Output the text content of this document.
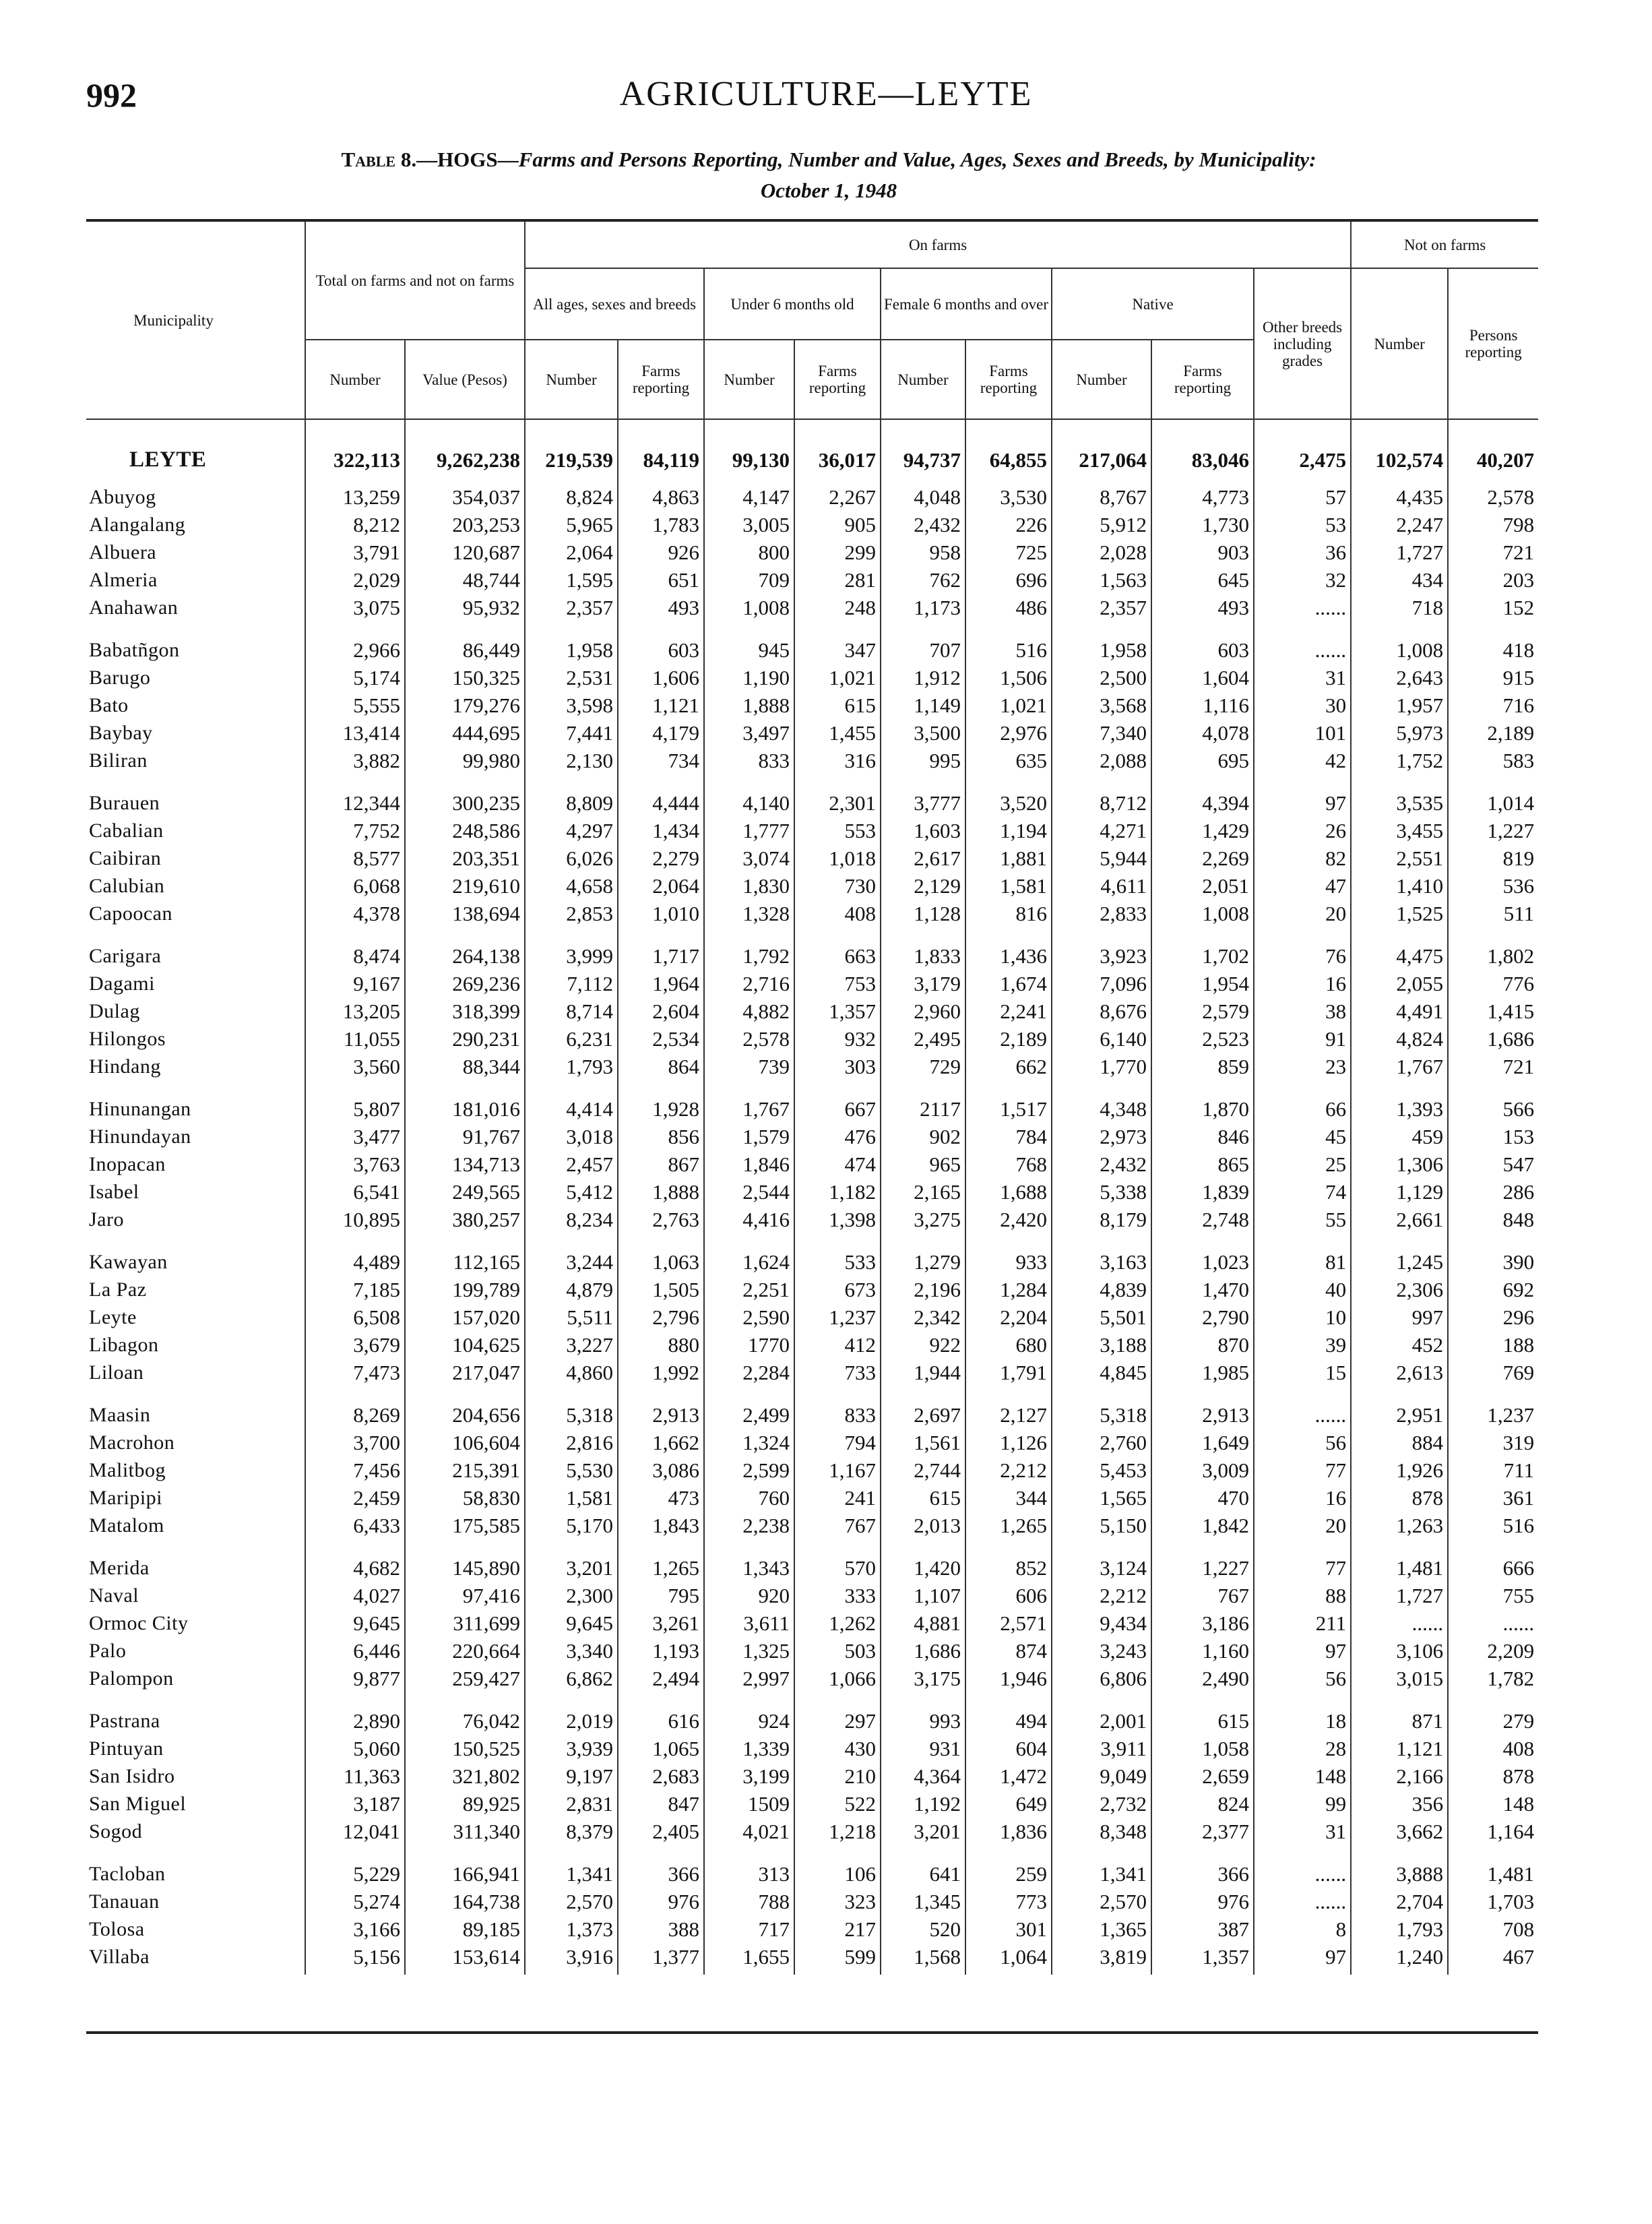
992	AGRICULTURE—LEYTE
Table 8.—HOGS—Farms and Persons Reporting, Number and Value, Ages, Sexes and Breeds, by Municipality:
October 1, 1948
Municipality	Total on farms and not on farms		On farms									Not on farms	
			All ages, sexes and breeds		Under 6 months old		Female 6 months and over		Native		Other breeds including grades	Number	Persons reporting
	Number	Value (Pesos)	Number	Farms reporting	Number	Farms reporting	Number	Farms reporting	Number	Farms reporting			

LEYTE	322,113	9,262,238	219,539	84,119	99,130	36,017	94,737	64,855	217,064	83,046	2,475	102,574	40,207
Abuyog	13,259	354,037	8,824	4,863	4,147	2,267	4,048	3,530	8,767	4,773	57	4,435	2,578
Alangalang	8,212	203,253	5,965	1,783	3,005	905	2,432	226	5,912	1,730	53	2,247	798
Albuera	3,791	120,687	2,064	926	800	299	958	725	2,028	903	36	1,727	721
Almeria	2,029	48,744	1,595	651	709	281	762	696	1,563	645	32	434	203
Anahawan	3,075	95,932	2,357	493	1,008	248	1,173	486	2,357	493	......	718	152

Babatñgon	2,966	86,449	1,958	603	945	347	707	516	1,958	603	......	1,008	418
Barugo	5,174	150,325	2,531	1,606	1,190	1,021	1,912	1,506	2,500	1,604	31	2,643	915
Bato	5,555	179,276	3,598	1,121	1,888	615	1,149	1,021	3,568	1,116	30	1,957	716
Baybay	13,414	444,695	7,441	4,179	3,497	1,455	3,500	2,976	7,340	4,078	101	5,973	2,189
Biliran	3,882	99,980	2,130	734	833	316	995	635	2,088	695	42	1,752	583

Burauen	12,344	300,235	8,809	4,444	4,140	2,301	3,777	3,520	8,712	4,394	97	3,535	1,014
Cabalian	7,752	248,586	4,297	1,434	1,777	553	1,603	1,194	4,271	1,429	26	3,455	1,227
Caibiran	8,577	203,351	6,026	2,279	3,074	1,018	2,617	1,881	5,944	2,269	82	2,551	819
Calubian	6,068	219,610	4,658	2,064	1,830	730	2,129	1,581	4,611	2,051	47	1,410	536
Capoocan	4,378	138,694	2,853	1,010	1,328	408	1,128	816	2,833	1,008	20	1,525	511

Carigara	8,474	264,138	3,999	1,717	1,792	663	1,833	1,436	3,923	1,702	76	4,475	1,802
Dagami	9,167	269,236	7,112	1,964	2,716	753	3,179	1,674	7,096	1,954	16	2,055	776
Dulag	13,205	318,399	8,714	2,604	4,882	1,357	2,960	2,241	8,676	2,579	38	4,491	1,415
Hilongos	11,055	290,231	6,231	2,534	2,578	932	2,495	2,189	6,140	2,523	91	4,824	1,686
Hindang	3,560	88,344	1,793	864	739	303	729	662	1,770	859	23	1,767	721

Hinunangan	5,807	181,016	4,414	1,928	1,767	667	2117	1,517	4,348	1,870	66	1,393	566
Hinundayan	3,477	91,767	3,018	856	1,579	476	902	784	2,973	846	45	459	153
Inopacan	3,763	134,713	2,457	867	1,846	474	965	768	2,432	865	25	1,306	547
Isabel	6,541	249,565	5,412	1,888	2,544	1,182	2,165	1,688	5,338	1,839	74	1,129	286
Jaro	10,895	380,257	8,234	2,763	4,416	1,398	3,275	2,420	8,179	2,748	55	2,661	848

Kawayan	4,489	112,165	3,244	1,063	1,624	533	1,279	933	3,163	1,023	81	1,245	390
La Paz	7,185	199,789	4,879	1,505	2,251	673	2,196	1,284	4,839	1,470	40	2,306	692
Leyte	6,508	157,020	5,511	2,796	2,590	1,237	2,342	2,204	5,501	2,790	10	997	296
Libagon	3,679	104,625	3,227	880	1770	412	922	680	3,188	870	39	452	188
Liloan	7,473	217,047	4,860	1,992	2,284	733	1,944	1,791	4,845	1,985	15	2,613	769

Maasin	8,269	204,656	5,318	2,913	2,499	833	2,697	2,127	5,318	2,913	......	2,951	1,237
Macrohon	3,700	106,604	2,816	1,662	1,324	794	1,561	1,126	2,760	1,649	56	884	319
Malitbog	7,456	215,391	5,530	3,086	2,599	1,167	2,744	2,212	5,453	3,009	77	1,926	711
Maripipi	2,459	58,830	1,581	473	760	241	615	344	1,565	470	16	878	361
Matalom	6,433	175,585	5,170	1,843	2,238	767	2,013	1,265	5,150	1,842	20	1,263	516

Merida	4,682	145,890	3,201	1,265	1,343	570	1,420	852	3,124	1,227	77	1,481	666
Naval	4,027	97,416	2,300	795	920	333	1,107	606	2,212	767	88	1,727	755
Ormoc City	9,645	311,699	9,645	3,261	3,611	1,262	4,881	2,571	9,434	3,186	211	......	......
Palo	6,446	220,664	3,340	1,193	1,325	503	1,686	874	3,243	1,160	97	3,106	2,209
Palompon	9,877	259,427	6,862	2,494	2,997	1,066	3,175	1,946	6,806	2,490	56	3,015	1,782

Pastrana	2,890	76,042	2,019	616	924	297	993	494	2,001	615	18	871	279
Pintuyan	5,060	150,525	3,939	1,065	1,339	430	931	604	3,911	1,058	28	1,121	408
San Isidro	11,363	321,802	9,197	2,683	3,199	210	4,364	1,472	9,049	2,659	148	2,166	878
San Miguel	3,187	89,925	2,831	847	1509	522	1,192	649	2,732	824	99	356	148
Sogod	12,041	311,340	8,379	2,405	4,021	1,218	3,201	1,836	8,348	2,377	31	3,662	1,164

Tacloban	5,229	166,941	1,341	366	313	106	641	259	1,341	366	......	3,888	1,481
Tanauan	5,274	164,738	2,570	976	788	323	1,345	773	2,570	976	......	2,704	1,703
Tolosa	3,166	89,185	1,373	388	717	217	520	301	1,365	387	8	1,793	708
Villaba	5,156	153,614	3,916	1,377	1,655	599	1,568	1,064	3,819	1,357	97	1,240	467
